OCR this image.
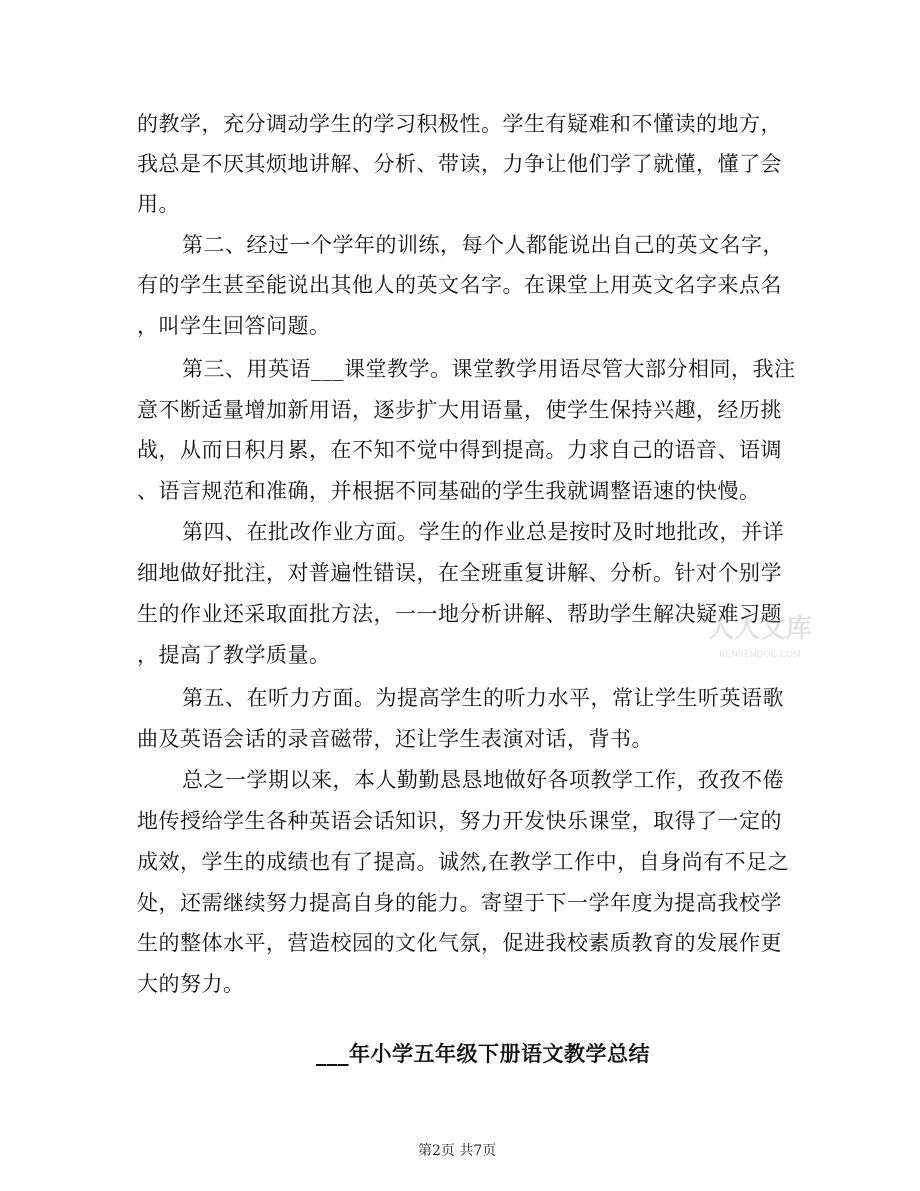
的教学，充分调动学生的学习积极性。学生有疑难和不懂读的地方，
我总是不厌其烦地讲解、分析、带读，力争让他们学了就懂，懂了会
用。
第二、经过一个学年的训练，每个人都能说出自己的英文名字，
有的学生甚至能说出其他人的英文名字。在课堂上用英文名字来点名
，叫学生回答问题。
第三、用英语___课堂教学。课堂教学用语尽管大部分相同，我注
意不断适量增加新用语，逐步扩大用语量，使学生保持兴趣，经历挑
战，从而日积月累，在不知不觉中得到提高。力求自己的语音、语调
、语言规范和准确，并根据不同基础的学生我就调整语速的快慢。
第四、在批改作业方面。学生的作业总是按时及时地批改，并详
细地做好批注，对普遍性错误，在全班重复讲解、分析。针对个别学
生的作业还采取面批方法，一一地分析讲解、帮助学生解决疑难习题
，提高了教学质量。
第五、在听力方面。为提高学生的听力水平，常让学生听英语歌
曲及英语会话的录音磁带，还让学生表演对话，背书。
总之一学期以来，本人勤勤恳恳地做好各项教学工作，孜孜不倦
地传授给学生各种英语会话知识，努力开发快乐课堂，取得了一定的
成效，学生的成绩也有了提高。诚然,在教学工作中，自身尚有不足之
处，还需继续努力提高自身的能力。寄望于下一学年度为提高我校学
生的整体水平，营造校园的文化气氛，促进我校素质教育的发展作更
大的努力。
___年小学五年级下册语文教学总结
第2页 共7页
人人文库
RENRENDOC.COM
